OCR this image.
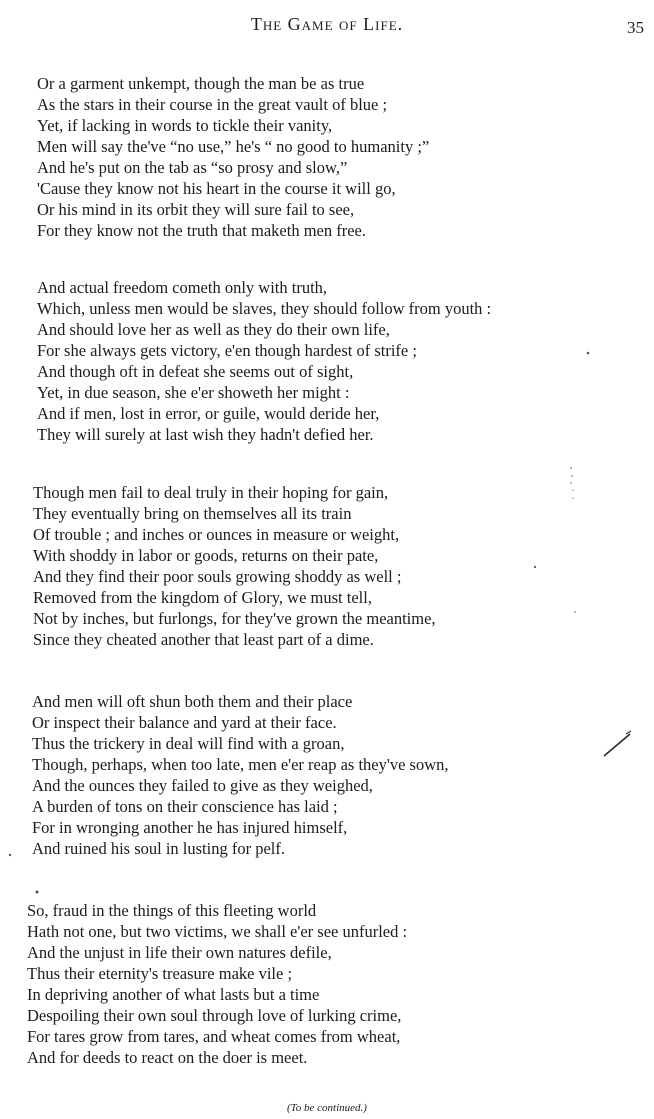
The Game of Life.	35
Or a garment unkempt, though the man be as true
As the stars in their course in the great vault of blue ;
Yet, if lacking in words to tickle their vanity,
Men will say the've “no use,” he's “ no good to humanity ;”
And he's put on the tab as “so prosy and slow,”
'Cause they know not his heart in the course it will go,
Or his mind in its orbit they will sure fail to see,
For they know not the truth that maketh men free.
And actual freedom cometh only with truth,
Which, unless men would be slaves, they should follow from youth :
And should love her as well as they do their own life,
For she always gets victory, e'en though hardest of strife ;
And though oft in defeat she seems out of sight,
Yet, in due season, she e'er showeth her might :
And if men, lost in error, or guile, would deride her,
They will surely at last wish they hadn't defied her.
Though men fail to deal truly in their hoping for gain,
They eventually bring on themselves all its train
Of trouble ; and inches or ounces in measure or weight,
With shoddy in labor or goods, returns on their pate,
And they find their poor souls growing shoddy as well ;
Removed from the kingdom of Glory, we must tell,
Not by inches, but furlongs, for they've grown the meantime,
Since they cheated another that least part of a dime.
And men will oft shun both them and their place
Or inspect their balance and yard at their face.
Thus the trickery in deal will find with a groan,
Though, perhaps, when too late, men e'er reap as they've sown,
And the ounces they failed to give as they weighed,
A burden of tons on their conscience has laid ;
For in wronging another he has injured himself,
And ruined his soul in lusting for pelf.
So, fraud in the things of this fleeting world
Hath not one, but two victims, we shall e'er see unfurled :
And the unjust in life their own natures defile,
Thus their eternity's treasure make vile ;
In depriving another of what lasts but a time
Despoiling their own soul through love of lurking crime,
For tares grow from tares, and wheat comes from wheat,
And for deeds to react on the doer is meet.
(To be continued.)
